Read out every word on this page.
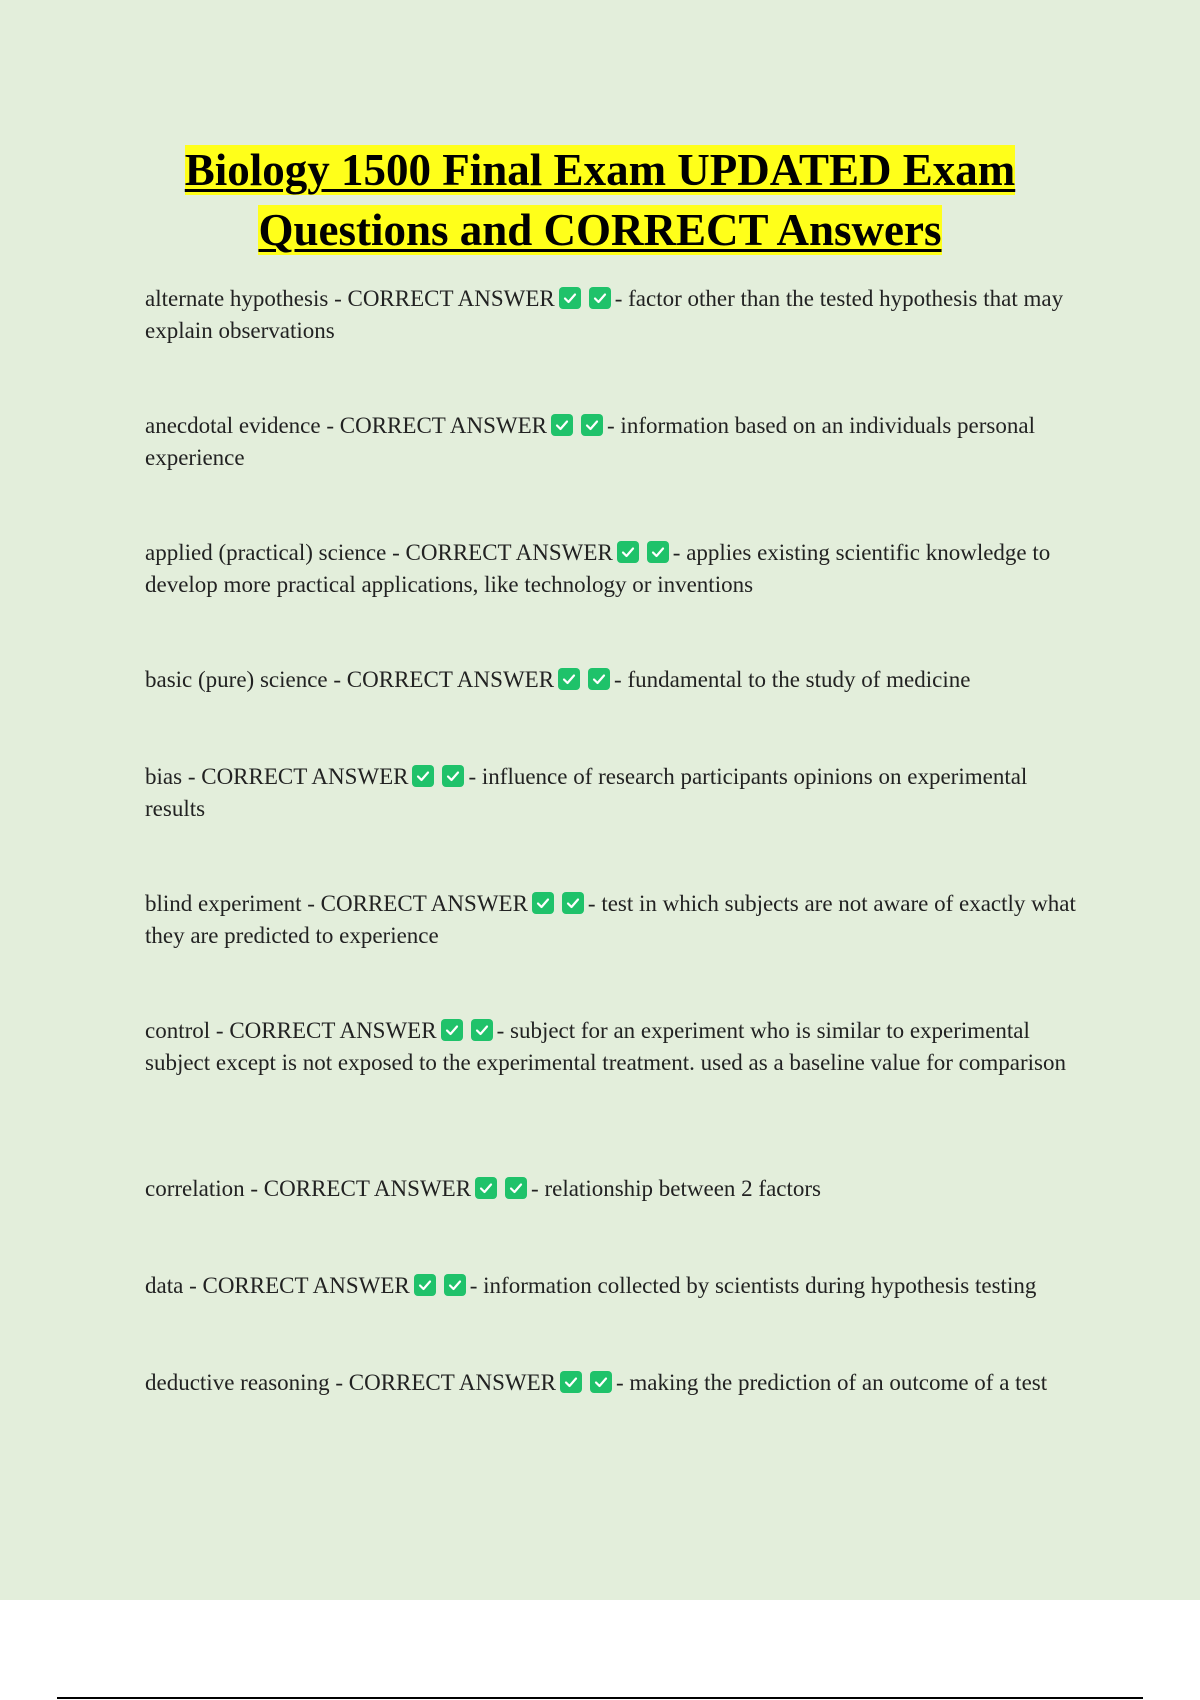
Biology 1500 Final Exam UPDATED Exam
Questions and CORRECT Answers

alternate hypothesis - CORRECT ANSWER	- factor other than the tested hypothesis that may explain observations

anecdotal evidence - CORRECT ANSWER	- information based on an individuals personal experience

applied (practical) science - CORRECT ANSWER	- applies existing scientific knowledge to develop more practical applications, like technology or inventions

basic (pure) science - CORRECT ANSWER	- fundamental to the study of medicine

bias - CORRECT ANSWER	- influence of research participants opinions on experimental results

blind experiment - CORRECT ANSWER	- test in which subjects are not aware of exactly what they are predicted to experience

control - CORRECT ANSWER	- subject for an experiment who is similar to experimental subject except is not exposed to the experimental treatment. used as a baseline value for comparison

correlation - CORRECT ANSWER	- relationship between 2 factors

data - CORRECT ANSWER	- information collected by scientists during hypothesis testing

deductive reasoning - CORRECT ANSWER	- making the prediction of an outcome of a test
